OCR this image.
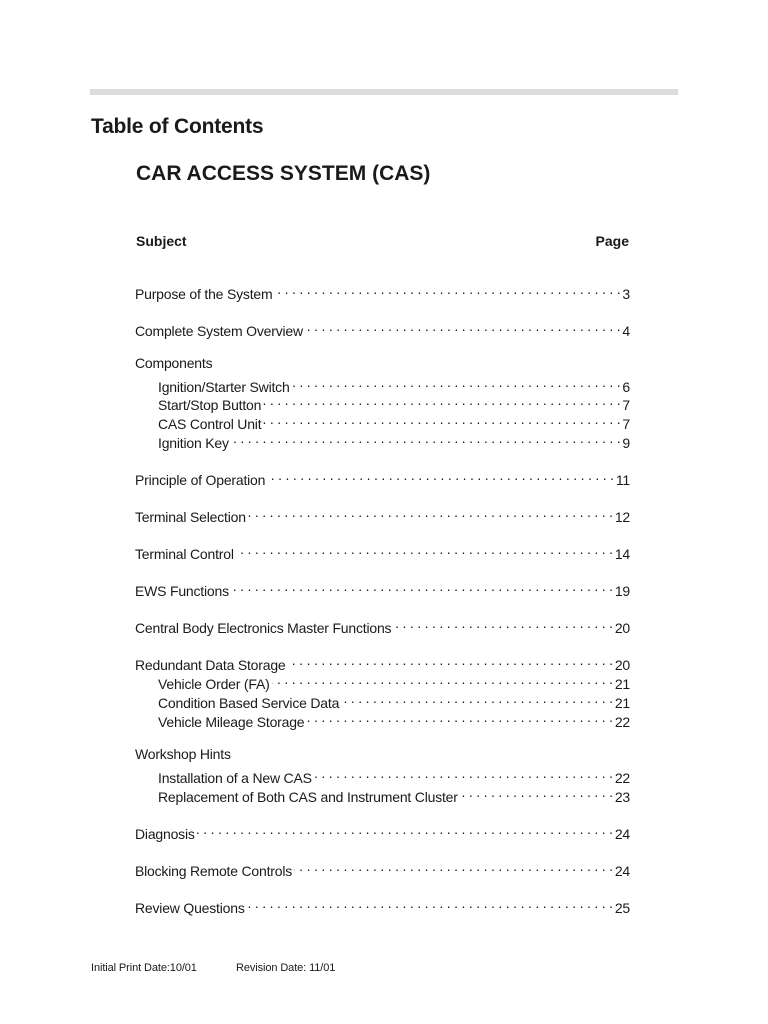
Table of Contents
CAR ACCESS SYSTEM (CAS)
Subject	Page
Purpose of the System . . .	3
Complete System Overview . . .	4
Components
Ignition/Starter Switch . . .	6
Start/Stop Button . . .	7
CAS Control Unit . . .	7
Ignition Key . . .	9
Principle of Operation . . .	11
Terminal Selection . . .	12
Terminal Control . . .	14
EWS Functions . . .	19
Central Body Electronics Master Functions . . .	20
Redundant Data Storage . . .	20
Vehicle Order (FA) . . .	21
Condition Based Service Data . . .	21
Vehicle Mileage Storage . . .	22
Workshop Hints
Installation of a New CAS . . .	22
Replacement of Both CAS and Instrument Cluster . . .	23
Diagnosis . . .	24
Blocking Remote Controls . . .	24
Review Questions . . .	25
Initial Print Date:10/01	Revision Date: 11/01
